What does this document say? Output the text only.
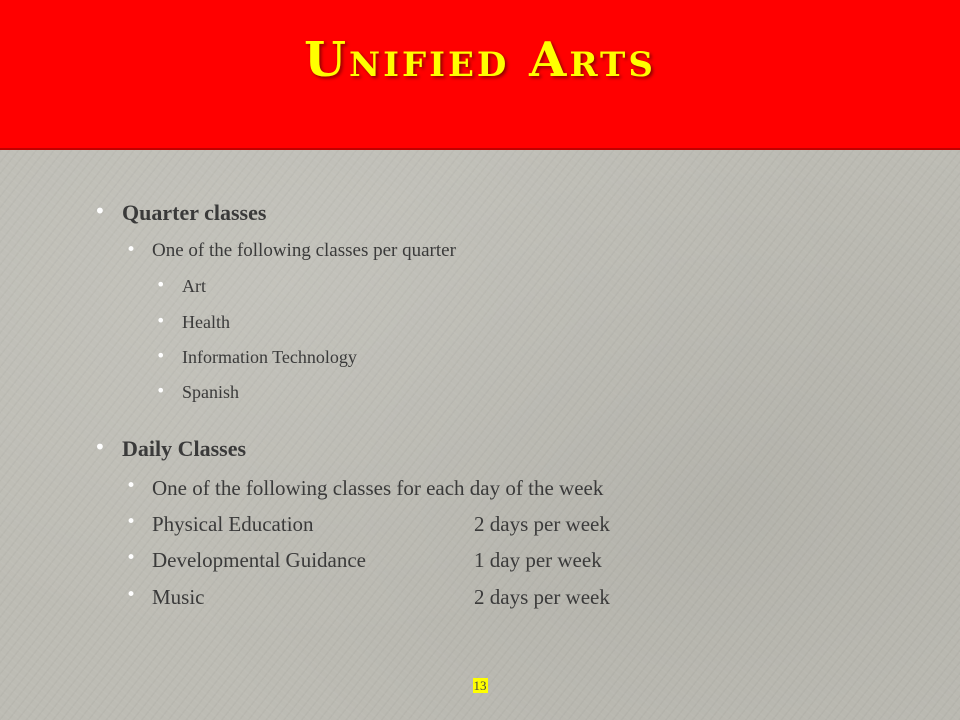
Unified Arts
• Quarter classes
• One of the following classes per quarter
• Art
• Health
• Information Technology
• Spanish
• Daily Classes
• One of the following classes for each day of the week
• Physical Education	2 days per week
• Developmental Guidance	1 day per week
• Music	2 days per week
13
